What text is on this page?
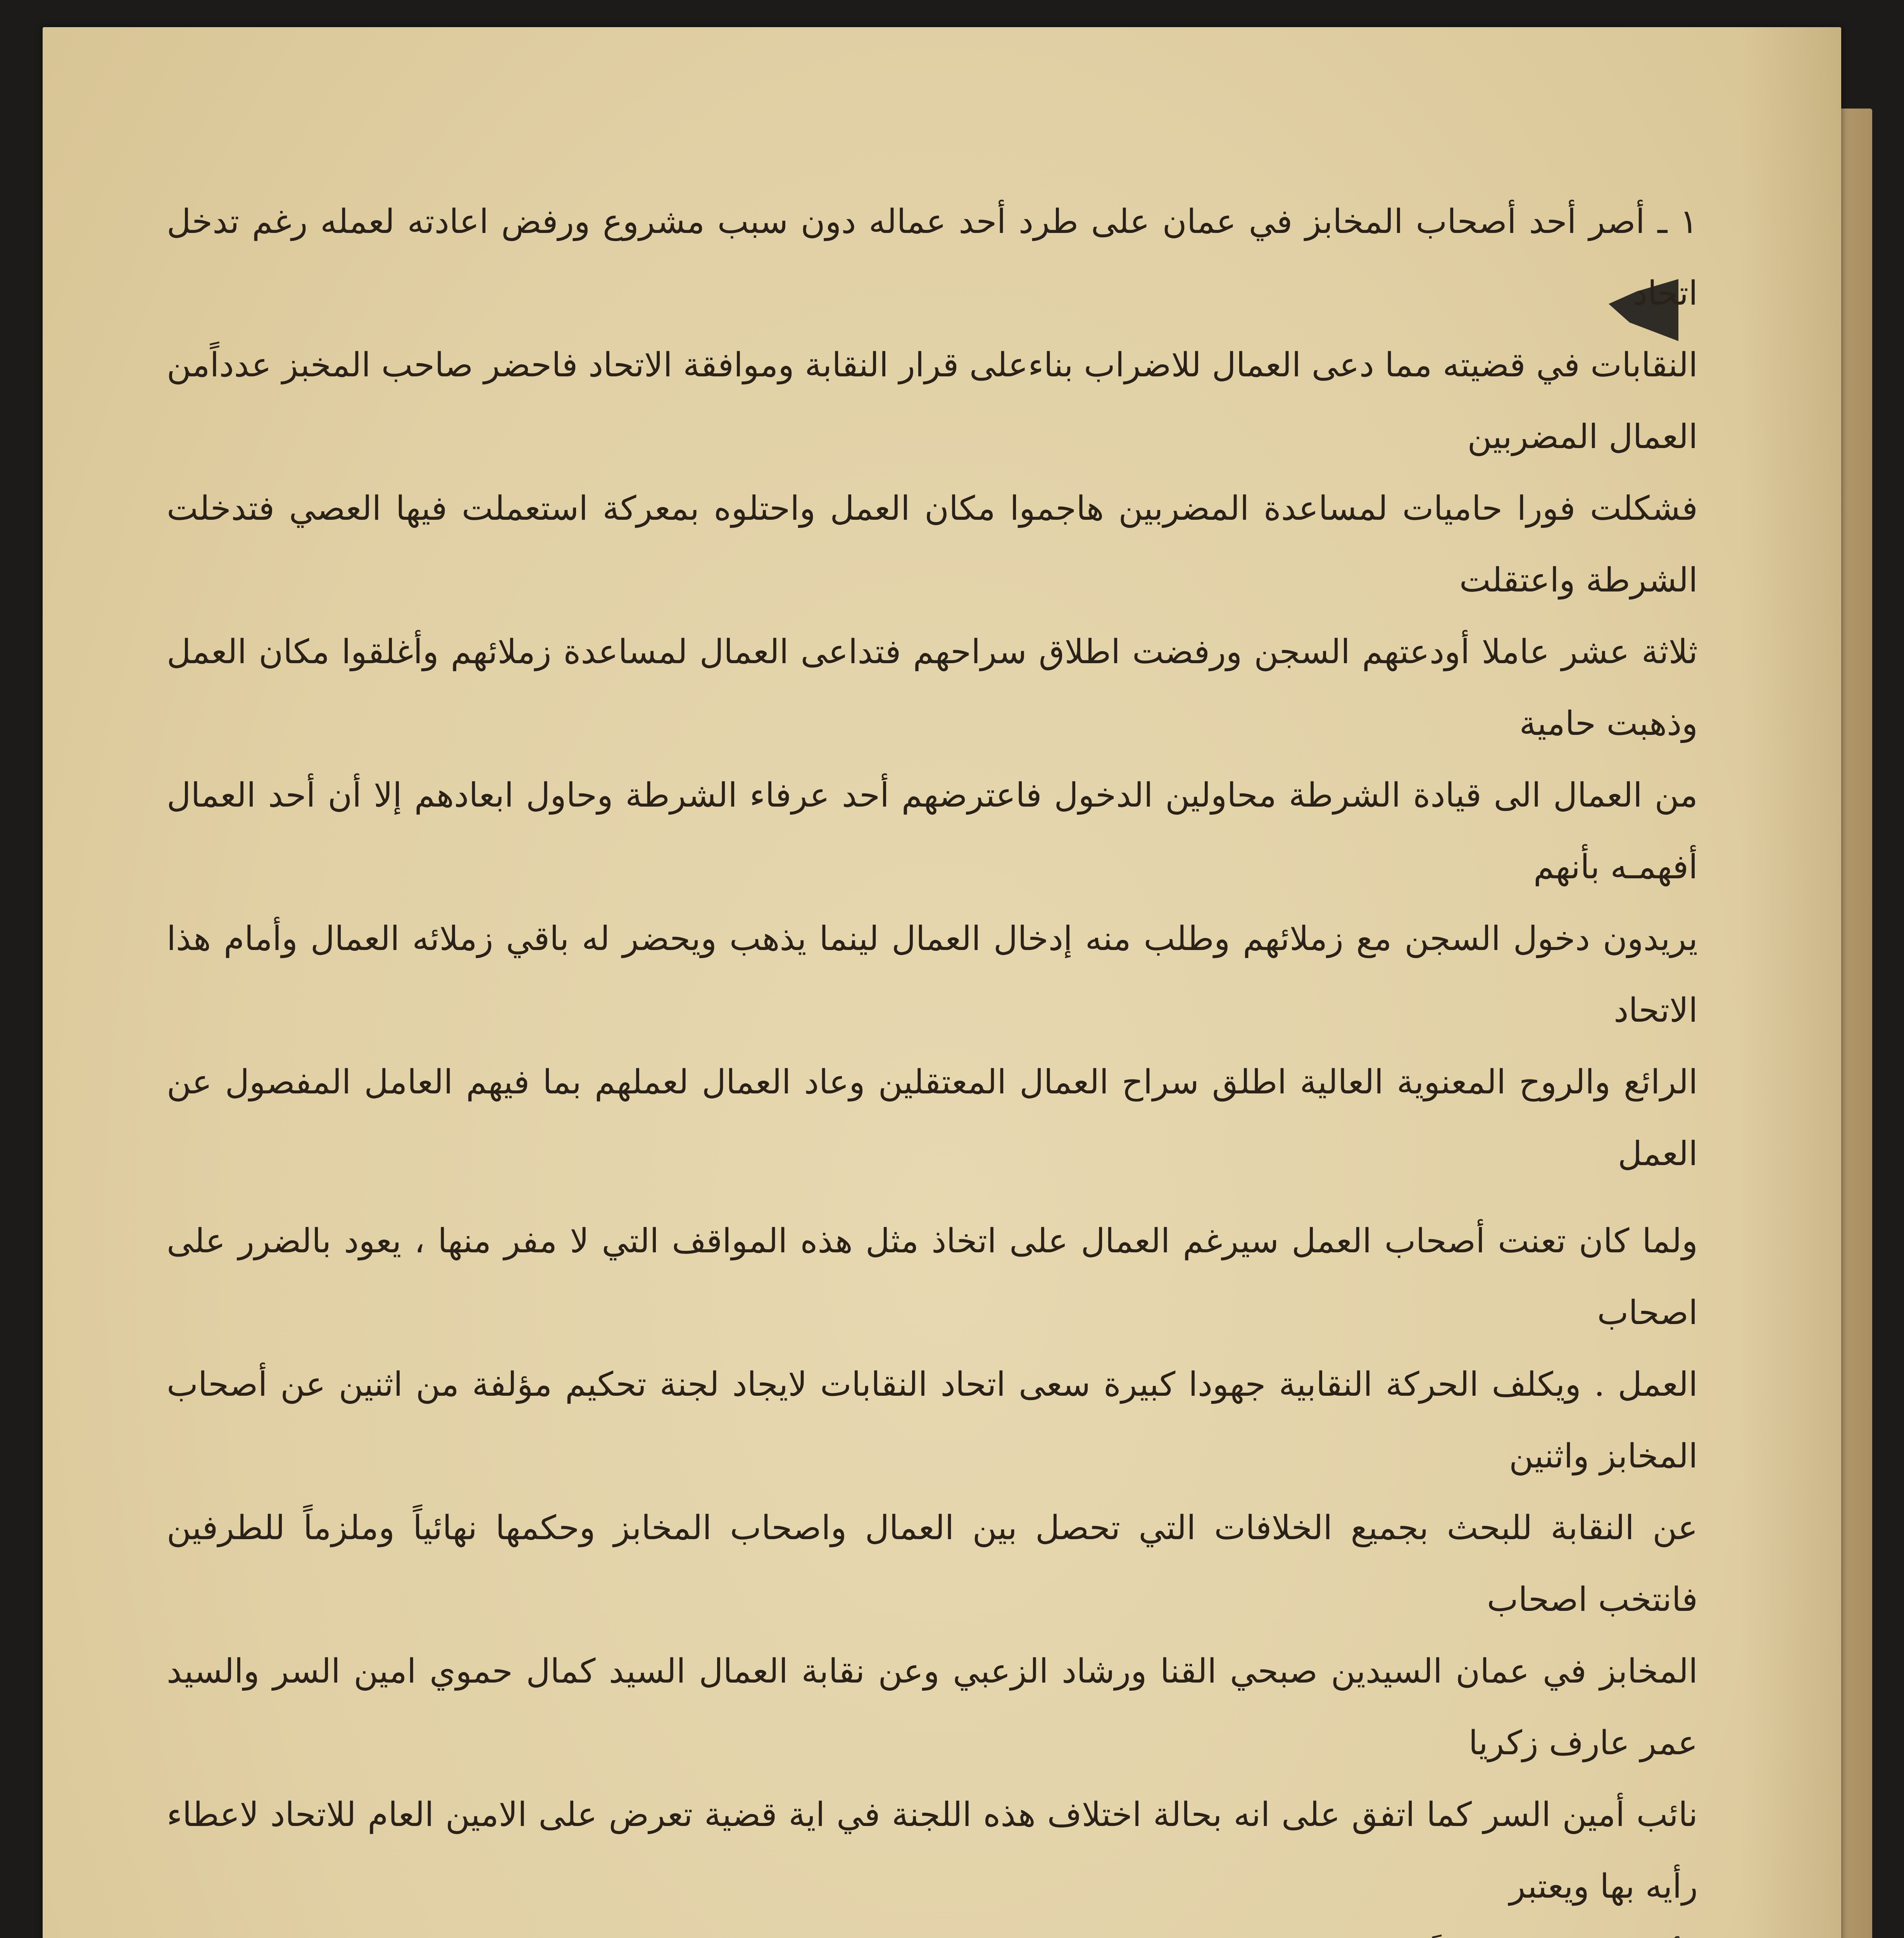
١ ـ أصر أحد أصحاب المخابز في عمان على طرد أحد عماله دون سبب مشروع ورفض اعادته لعمله رغم تدخل اتحاد

النقابات في قضيته مما دعى العمال للاضراب بناءعلى قرار النقابة وموافقة الاتحاد فاحضر صاحب المخبز عدداًمن العمال المضربين

فشكلت فورا حاميات لمساعدة المضربين هاجموا مكان العمل واحتلوه بمعركة استعملت فيها العصي فتدخلت الشرطة واعتقلت

ثلاثة عشر عاملا أودعتهم السجن ورفضت اطلاق سراحهم فتداعى العمال لمساعدة زملائهم وأغلقوا مكان العمل وذهبت حامية

من العمال الى قيادة الشرطة محاولين الدخول فاعترضهم أحد عرفاء الشرطة وحاول ابعادهم إلا أن أحد العمال أفهمـه بأنهم

يريدون دخول السجن مع زملائهم وطلب منه إدخال العمال لينما يذهب ويحضر له باقي زملائه العمال وأمام هذا الاتحاد

الرائع والروح المعنوية العالية اطلق سراح العمال المعتقلين وعاد العمال لعملهم بما فيهم العامل المفصول عن العمل

ولما كان تعنت أصحاب العمل سيرغم العمال على اتخاذ مثل هذه المواقف التي لا مفر منها ، يعود بالضرر على اصحاب

العمل . ويكلف الحركة النقابية جهودا كبيرة سعى اتحاد النقابات لايجاد لجنة تحكيم مؤلفة من اثنين عن أصحاب المخابز واثنين

عن النقابة للبحث بجميع الخلافات التي تحصل بين العمال واصحاب المخابز وحكمها نهائياً وملزماً للطرفين فانتخب اصحاب

المخابز في عمان السيدين صبحي القنا ورشاد الزعبي وعن نقابة العمال السيد كمال حموي امين السر والسيد عمر عارف زكريا

نائب أمين السر كما اتفق على انه بحالة اختلاف هذه اللجنة في اية قضية تعرض على الامين العام للاتحاد لاعطاء رأيه بها ويعتبر
